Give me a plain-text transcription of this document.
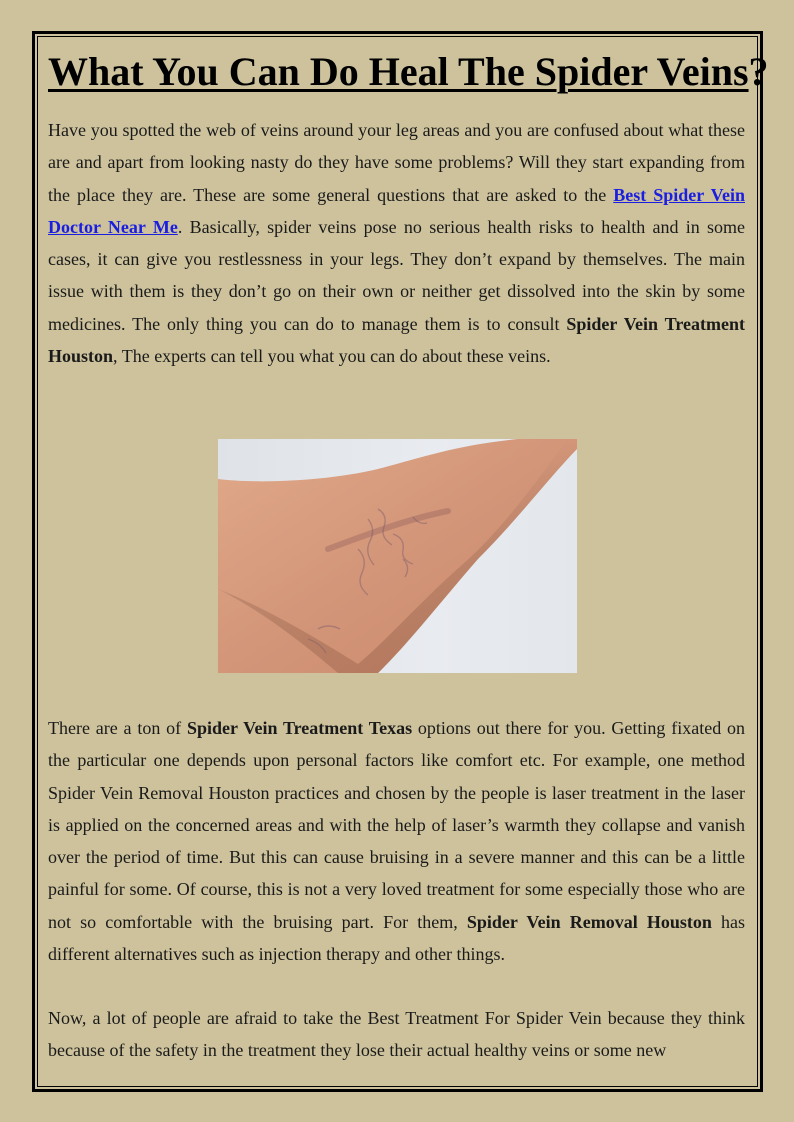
What You Can Do Heal The Spider Veins?

Have you spotted the web of veins around your leg areas and you are confused about what these are and apart from looking nasty do they have some problems? Will they start expanding from the place they are. These are some general questions that are asked to the Best Spider Vein Doctor Near Me. Basically, spider veins pose no serious health risks to health and in some cases, it can give you restlessness in your legs. They don’t expand by themselves. The main issue with them is they don’t go on their own or neither get dissolved into the skin by some medicines. The only thing you can do to manage them is to consult Spider Vein Treatment Houston, The experts can tell you what you can do about these veins.

There are a ton of Spider Vein Treatment Texas options out there for you. Getting fixated on the particular one depends upon personal factors like comfort etc. For example, one method Spider Vein Removal Houston practices and chosen by the people is laser treatment in the laser is applied on the concerned areas and with the help of laser’s warmth they collapse and vanish over the period of time. But this can cause bruising in a severe manner and this can be a little painful for some. Of course, this is not a very loved treatment for some especially those who are not so comfortable with the bruising part. For them, Spider Vein Removal Houston has different alternatives such as injection therapy and other things.

Now, a lot of people are afraid to take the Best Treatment For Spider Vein because they think because of the safety in the treatment they lose their actual healthy veins or some new
